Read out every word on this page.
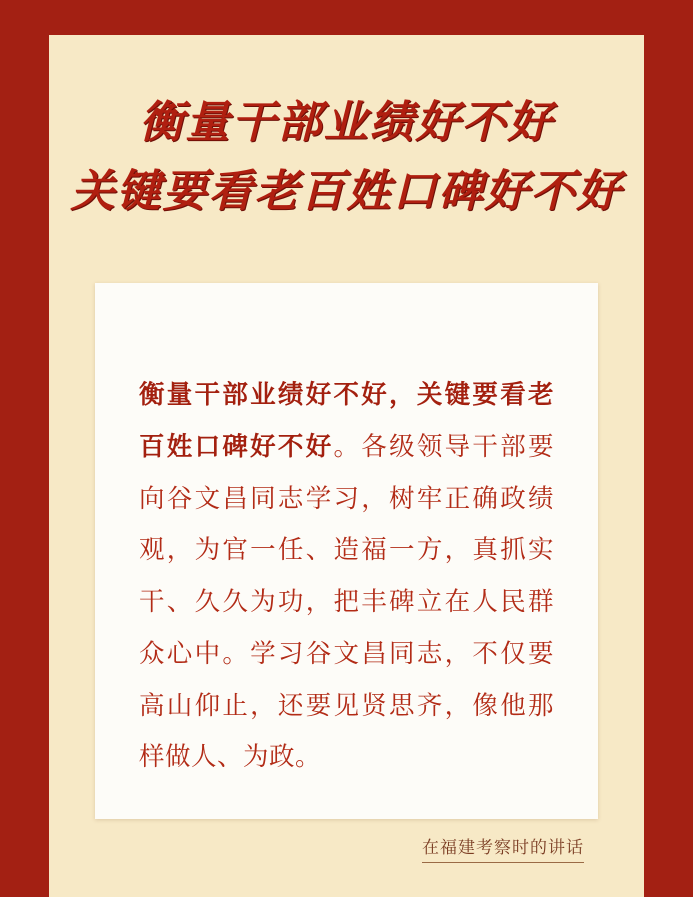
衡量干部业绩好不好
关键要看老百姓口碑好不好

衡量干部业绩好不好，关键要看老百姓口碑好不好。各级领导干部要向谷文昌同志学习，树牢正确政绩观，为官一任、造福一方，真抓实干、久久为功，把丰碑立在人民群众心中。学习谷文昌同志，不仅要高山仰止，还要见贤思齐，像他那样做人、为政。

在福建考察时的讲话
